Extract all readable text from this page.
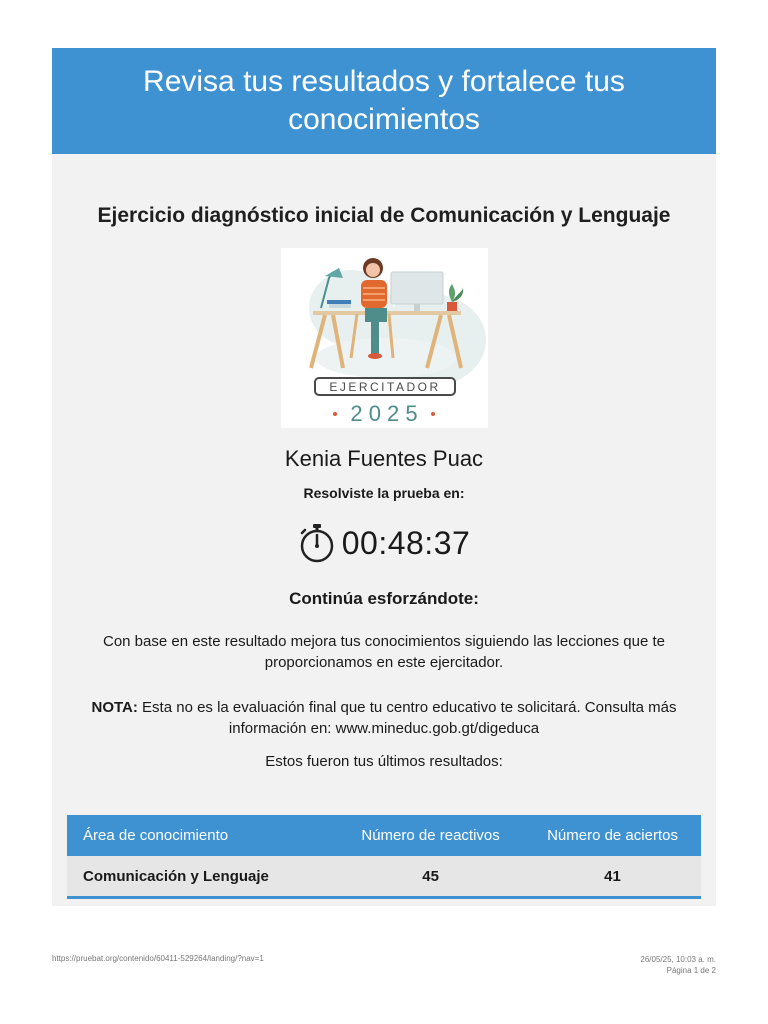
Revisa tus resultados y fortalece tus conocimientos
Ejercicio diagnóstico inicial de Comunicación y Lenguaje
EJERCITADOR
2 0 2 5
Kenia Fuentes Puac
Resolviste la prueba en:
00:48:37
Continúa esforzándote:
Con base en este resultado mejora tus conocimientos siguiendo las lecciones que te proporcionamos en este ejercitador.
NOTA: Esta no es la evaluación final que tu centro educativo te solicitará. Consulta más información en: www.mineduc.gob.gt/digeduca
Estos fueron tus últimos resultados:
Área de conocimiento	Número de reactivos	Número de aciertos
Comunicación y Lenguaje	45	41
https://pruebat.org/contenido/60411-529264/landing/?nav=1	26/05/25, 10:03 a. m.
Página 1 de 2
